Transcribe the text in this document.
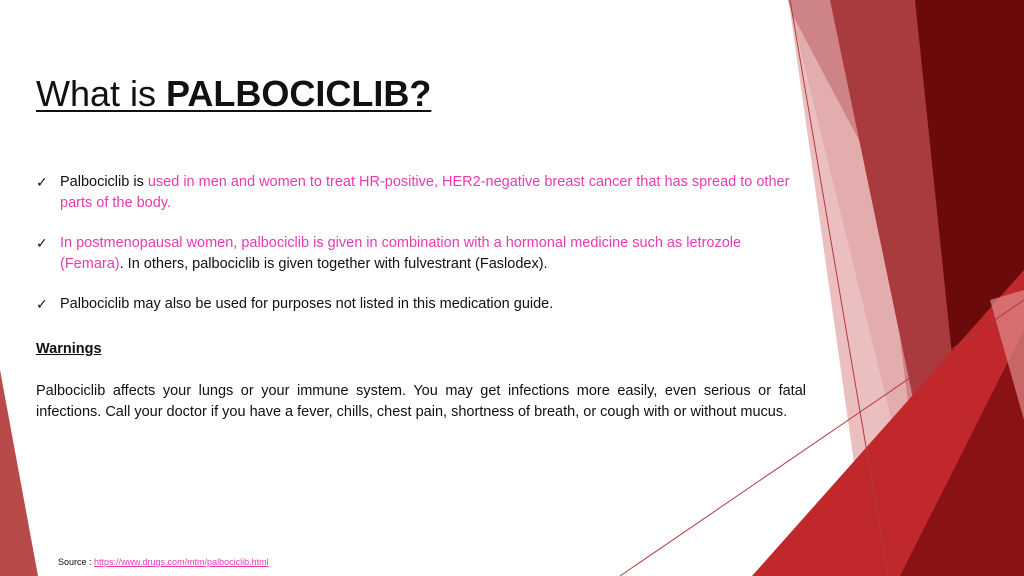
What is PALBOCICLIB?
✓ Palbociclib is used in men and women to treat HR-positive, HER2-negative breast cancer that has spread to other parts of the body.
✓ In postmenopausal women, palbociclib is given in combination with a hormonal medicine such as letrozole (Femara). In others, palbociclib is given together with fulvestrant (Faslodex).
✓ Palbociclib may also be used for purposes not listed in this medication guide.
Warnings
Palbociclib affects your lungs or your immune system. You may get infections more easily, even serious or fatal infections. Call your doctor if you have a fever, chills, chest pain, shortness of breath, or cough with or without mucus.
Source : https://www.drugs.com/mtm/palbociclib.html
